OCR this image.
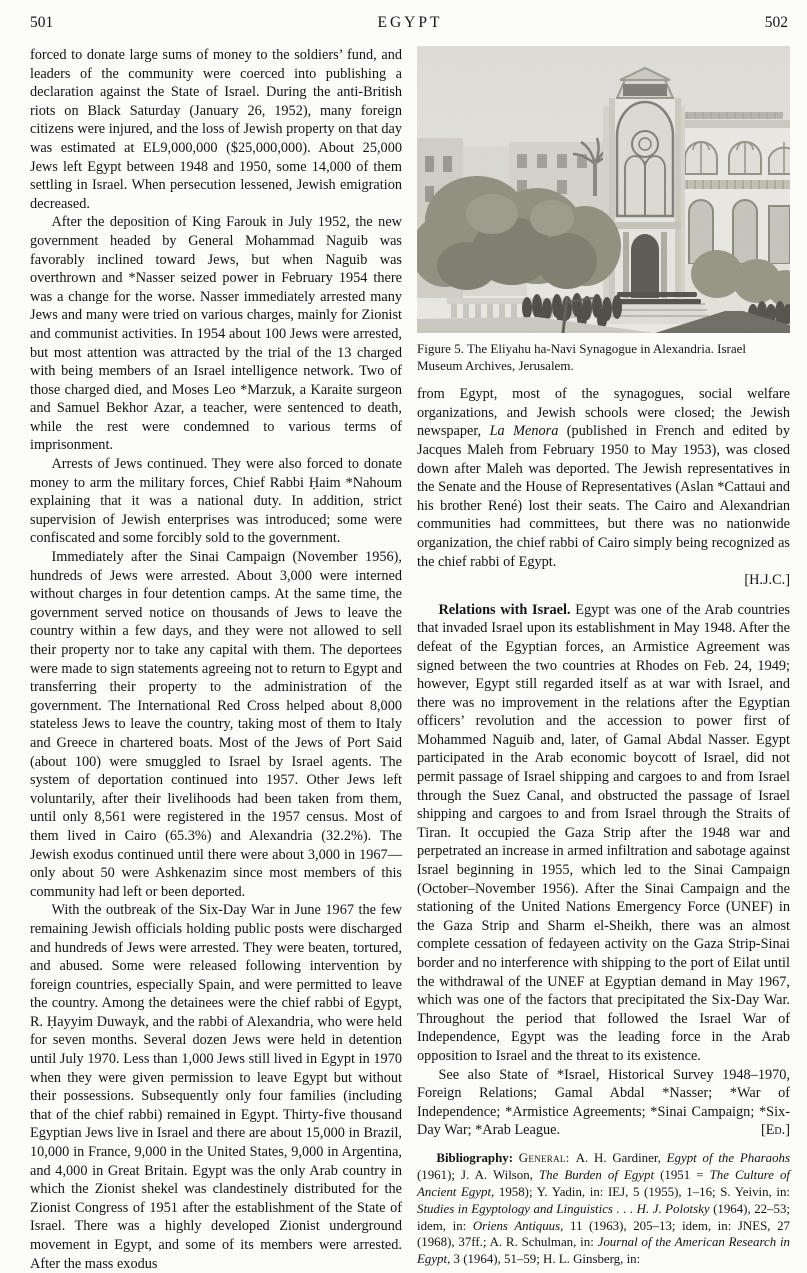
501	EGYPT	502

forced to donate large sums of money to the soldiers’ fund, and leaders of the community were coerced into publishing a declaration against the State of Israel. During the anti-British riots on Black Saturday (January 26, 1952), many foreign citizens were injured, and the loss of Jewish property on that day was estimated at EL9,000,000 ($25,000,000). About 25,000 Jews left Egypt between 1948 and 1950, some 14,000 of them settling in Israel. When persecution lessened, Jewish emigration decreased.

After the deposition of King Farouk in July 1952, the new government headed by General Mohammad Naguib was favorably inclined toward Jews, but when Naguib was overthrown and *Nasser seized power in February 1954 there was a change for the worse. Nasser immediately arrested many Jews and many were tried on various charges, mainly for Zionist and communist activities. In 1954 about 100 Jews were arrested, but most attention was attracted by the trial of the 13 charged with being members of an Israel intelligence network. Two of those charged died, and Moses Leo *Marzuk, a Karaite surgeon and Samuel Bekhor Azar, a teacher, were sentenced to death, while the rest were condemned to various terms of imprisonment.

Arrests of Jews continued. They were also forced to donate money to arm the military forces, Chief Rabbi Ḥaim *Nahoum explaining that it was a national duty. In addition, strict supervision of Jewish enterprises was introduced; some were confiscated and some forcibly sold to the government.

Immediately after the Sinai Campaign (November 1956), hundreds of Jews were arrested. About 3,000 were interned without charges in four detention camps. At the same time, the government served notice on thousands of Jews to leave the country within a few days, and they were not allowed to sell their property nor to take any capital with them. The deportees were made to sign statements agreeing not to return to Egypt and transferring their property to the administration of the government. The International Red Cross helped about 8,000 stateless Jews to leave the country, taking most of them to Italy and Greece in chartered boats. Most of the Jews of Port Said (about 100) were smuggled to Israel by Israel agents. The system of deportation continued into 1957. Other Jews left voluntarily, after their livelihoods had been taken from them, until only 8,561 were registered in the 1957 census. Most of them lived in Cairo (65.3%) and Alexandria (32.2%). The Jewish exodus continued until there were about 3,000 in 1967—only about 50 were Ashkenazim since most members of this community had left or been deported.

With the outbreak of the Six-Day War in June 1967 the few remaining Jewish officials holding public posts were discharged and hundreds of Jews were arrested. They were beaten, tortured, and abused. Some were released following intervention by foreign countries, especially Spain, and were permitted to leave the country. Among the detainees were the chief rabbi of Egypt, R. Ḥayyim Duwayk, and the rabbi of Alexandria, who were held for seven months. Several dozen Jews were held in detention until July 1970. Less than 1,000 Jews still lived in Egypt in 1970 when they were given permission to leave Egypt but without their possessions. Subsequently only four families (including that of the chief rabbi) remained in Egypt. Thirty-five thousand Egyptian Jews live in Israel and there are about 15,000 in Brazil, 10,000 in France, 9,000 in the United States, 9,000 in Argentina, and 4,000 in Great Britain. Egypt was the only Arab country in which the Zionist shekel was clandestinely distributed for the Zionist Congress of 1951 after the establishment of the State of Israel. There was a highly developed Zionist underground movement in Egypt, and some of its members were arrested. After the mass exodus

Figure 5. The Eliyahu ha-Navi Synagogue in Alexandria. Israel Museum Archives, Jerusalem.

from Egypt, most of the synagogues, social welfare organizations, and Jewish schools were closed; the Jewish newspaper, La Menora (published in French and edited by Jacques Maleh from February 1950 to May 1953), was closed down after Maleh was deported. The Jewish representatives in the Senate and the House of Representatives (Aslan *Cattaui and his brother René) lost their seats. The Cairo and Alexandrian communities had committees, but there was no nationwide organization, the chief rabbi of Cairo simply being recognized as the chief rabbi of Egypt.
[H.J.C.]

Relations with Israel. Egypt was one of the Arab countries that invaded Israel upon its establishment in May 1948. After the defeat of the Egyptian forces, an Armistice Agreement was signed between the two countries at Rhodes on Feb. 24, 1949; however, Egypt still regarded itself as at war with Israel, and there was no improvement in the relations after the Egyptian officers’ revolution and the accession to power first of Mohammed Naguib and, later, of Gamal Abdal Nasser. Egypt participated in the Arab economic boycott of Israel, did not permit passage of Israel shipping and cargoes to and from Israel through the Suez Canal, and obstructed the passage of Israel shipping and cargoes to and from Israel through the Straits of Tiran. It occupied the Gaza Strip after the 1948 war and perpetrated an increase in armed infiltration and sabotage against Israel beginning in 1955, which led to the Sinai Campaign (October–November 1956). After the Sinai Campaign and the stationing of the United Nations Emergency Force (UNEF) in the Gaza Strip and Sharm el-Sheikh, there was an almost complete cessation of fedayeen activity on the Gaza Strip-Sinai border and no interference with shipping to the port of Eilat until the withdrawal of the UNEF at Egyptian demand in May 1967, which was one of the factors that precipitated the Six-Day War. Throughout the period that followed the Israel War of Independence, Egypt was the leading force in the Arab opposition to Israel and the threat to its existence.

See also State of *Israel, Historical Survey 1948–1970, Foreign Relations; Gamal Abdal *Nasser; *War of Independence; *Armistice Agreements; *Sinai Campaign; *Six-Day War; *Arab League.	[Ed.]

Bibliography: General: A. H. Gardiner, Egypt of the Pharaohs (1961); J. A. Wilson, The Burden of Egypt (1951 = The Culture of Ancient Egypt, 1958); Y. Yadin, in: IEJ, 5 (1955), 1–16; S. Yeivin, in: Studies in Egyptology and Linguistics . . . H. J. Polotsky (1964), 22–53; idem, in: Oriens Antiquus, 11 (1963), 205–13; idem, in: JNES, 27 (1968), 37ff.; A. R. Schulman, in: Journal of the American Research in Egypt, 3 (1964), 51–59; H. L. Ginsberg, in:
